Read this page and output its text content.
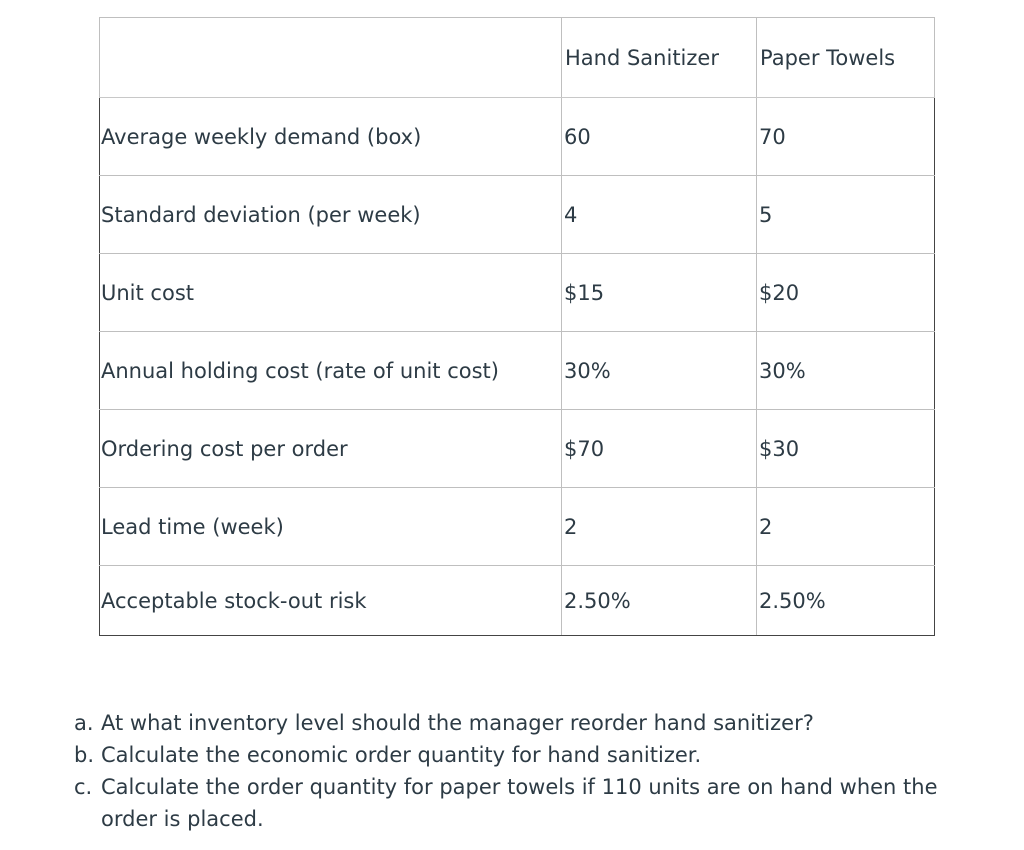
	Hand Sanitizer	Paper Towels
Average weekly demand (box)	60	70
Standard deviation (per week)	4	5
Unit cost	$15	$20
Annual holding cost (rate of unit cost)	30%	30%
Ordering cost per order	$70	$30
Lead time (week)	2	2
Acceptable stock-out risk	2.50%	2.50%
a. At what inventory level should the manager reorder hand sanitizer?
b. Calculate the economic order quantity for hand sanitizer.
c. Calculate the order quantity for paper towels if 110 units are on hand when the order is placed.
